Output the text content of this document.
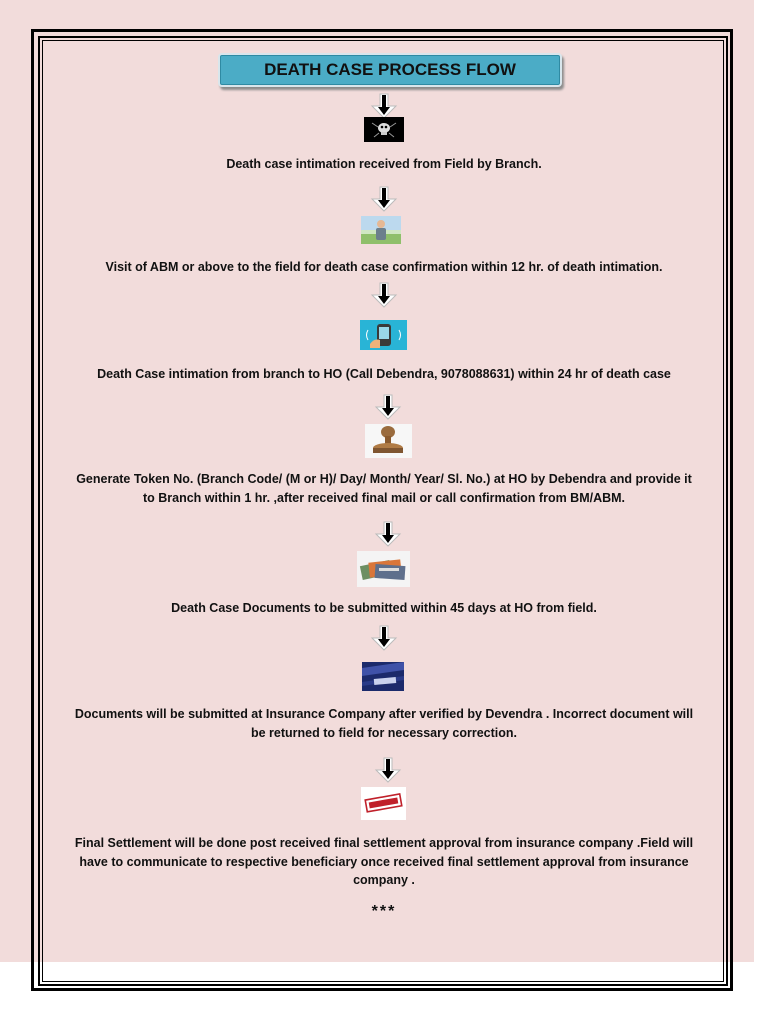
DEATH CASE PROCESS FLOW
Death case intimation received from Field by Branch.
Visit of ABM or above to the field for death case confirmation within 12 hr. of death intimation.
Death Case intimation from branch to HO (Call Debendra, 9078088631) within 24 hr of death case
Generate Token No. (Branch Code/ (M or H)/ Day/ Month/ Year/ Sl. No.) at HO by Debendra and provide it to Branch within 1 hr. ,after received final mail or call confirmation from BM/ABM.
Death Case Documents to be submitted within 45 days at HO from field.
Documents will be submitted at Insurance Company after verified by Devendra . Incorrect document will be returned to field for necessary correction.
Final Settlement will be done post received final settlement approval from insurance company .Field will have to communicate to respective beneficiary once received final settlement approval from insurance company .
***
